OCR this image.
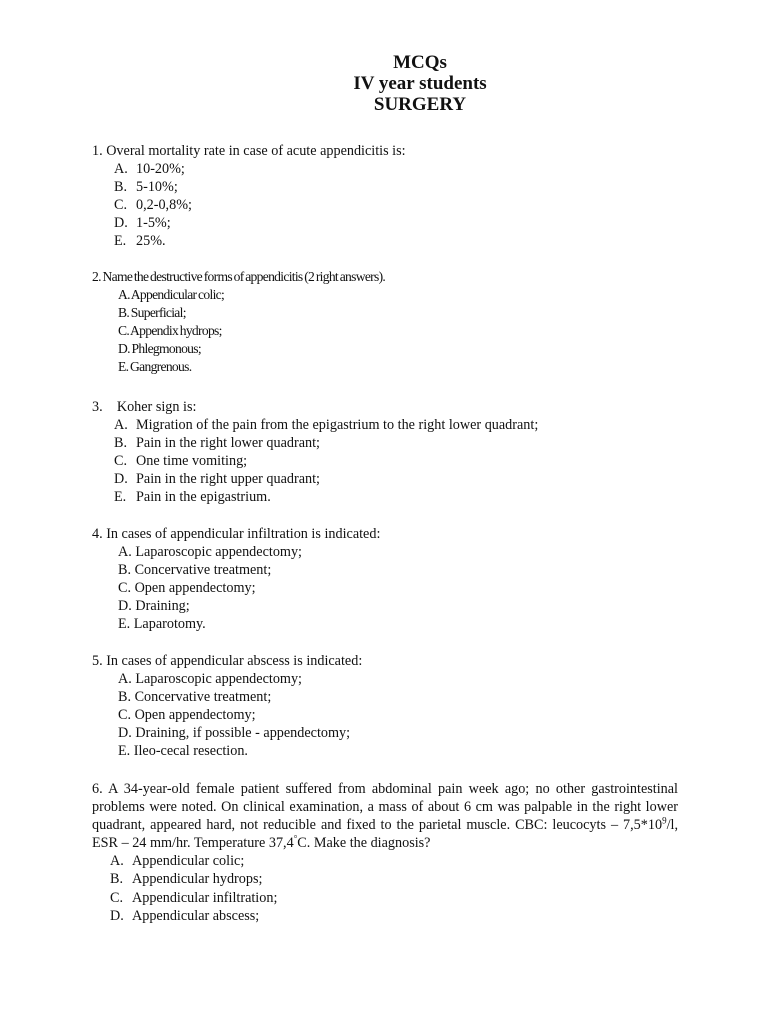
MCQs
IV year students
SURGERY
1. Overal mortality rate in case of acute appendicitis is:
A. 10-20%;
B. 5-10%;
C. 0,2-0,8%;
D. 1-5%;
E. 25%.
2. Name the destructive forms of appendicitis (2 right answers).
A. Appendicular colic;
B. Superficial;
C. Appendix hydrops;
D. Phlegmonous;
E. Gangrenous.
3.    Koher sign is:
A. Migration of the pain from the epigastrium to the right lower quadrant;
B. Pain in the right lower quadrant;
C. One time vomiting;
D. Pain in the right upper quadrant;
E. Pain in the epigastrium.
4. In cases of appendicular infiltration is indicated:
A. Laparoscopic appendectomy;
B. Concervative treatment;
C. Open appendectomy;
D. Draining;
E. Laparotomy.
5. In cases of appendicular abscess is indicated:
A. Laparoscopic appendectomy;
B. Concervative treatment;
C. Open appendectomy;
D. Draining, if possible - appendectomy;
E. Ileo-cecal resection.
6. A 34-year-old female patient suffered from abdominal pain week ago; no other gastrointestinal problems were noted. On clinical examination, a mass of about 6 cm was palpable in the right lower quadrant, appeared hard, not reducible and fixed to the parietal muscle. CBC: leucocyts – $7,5*10^9/l$, ESR – 24 mm/hr. Temperature 37,4°C. Make the diagnosis?
A. Appendicular colic;
B. Appendicular hydrops;
C. Appendicular infiltration;
D. Appendicular abscess;
